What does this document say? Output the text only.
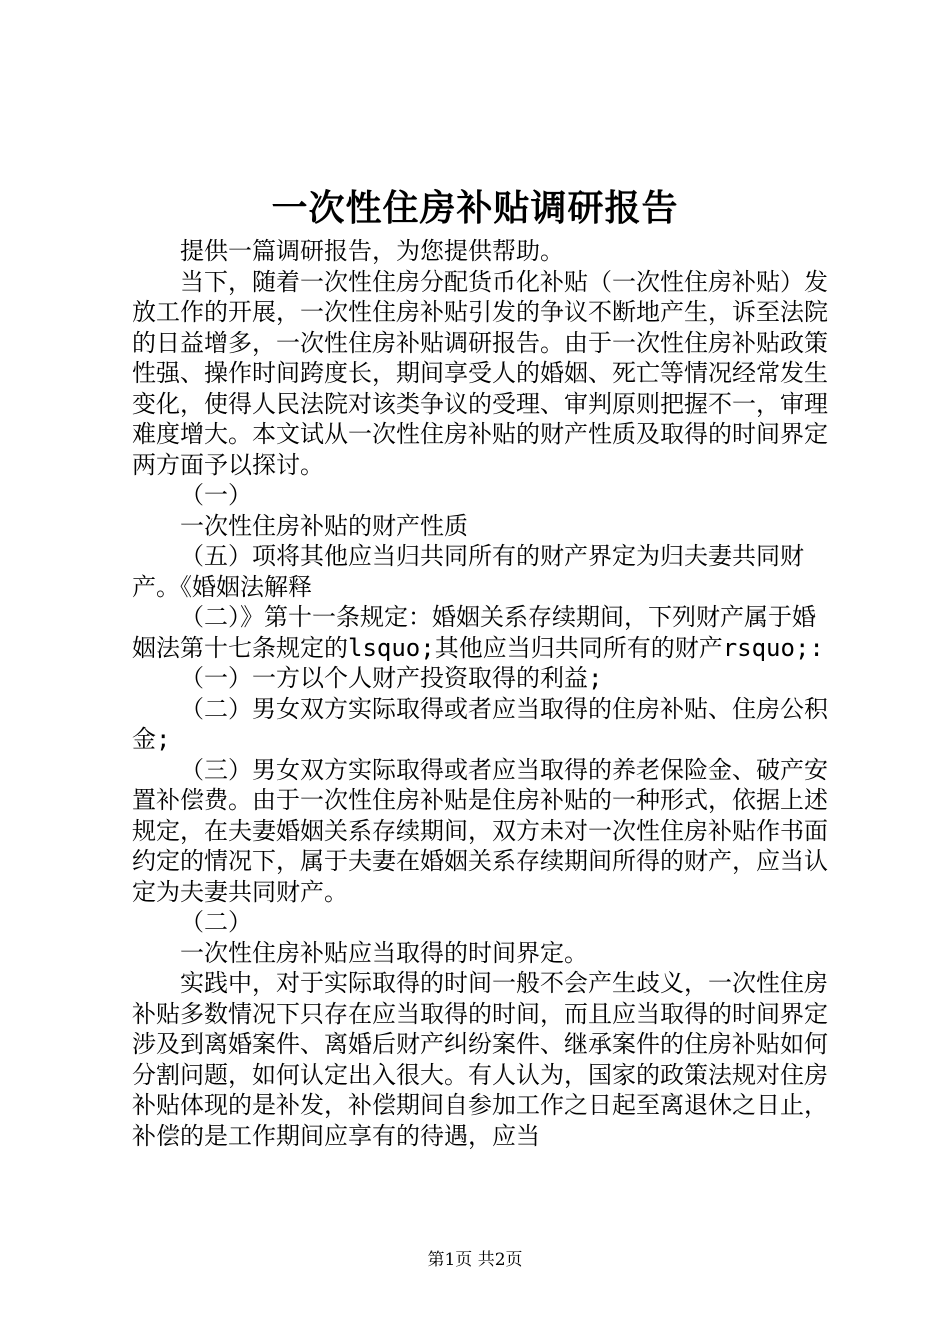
一次性住房补贴调研报告

提供一篇调研报告，为您提供帮助。

当下，随着一次性住房分配货币化补贴（一次性住房补贴）发放工作的开展，一次性住房补贴引发的争议不断地产生，诉至法院的日益增多，一次性住房补贴调研报告。由于一次性住房补贴政策性强、操作时间跨度长，期间享受人的婚姻、死亡等情况经常发生变化，使得人民法院对该类争议的受理、审判原则把握不一，审理难度增大。本文试从一次性住房补贴的财产性质及取得的时间界定两方面予以探讨。

（一）

一次性住房补贴的财产性质

（五）项将其他应当归共同所有的财产界定为归夫妻共同财产。《婚姻法解释

（二）》第十一条规定：婚姻关系存续期间，下列财产属于婚姻法第十七条规定的lsquo;其他应当归共同所有的财产rsquo;:

（一）一方以个人财产投资取得的利益;

（二）男女双方实际取得或者应当取得的住房补贴、住房公积金;

（三）男女双方实际取得或者应当取得的养老保险金、破产安置补偿费。由于一次性住房补贴是住房补贴的一种形式，依据上述规定，在夫妻婚姻关系存续期间，双方未对一次性住房补贴作书面约定的情况下，属于夫妻在婚姻关系存续期间所得的财产，应当认定为夫妻共同财产。

（二）

一次性住房补贴应当取得的时间界定。

实践中，对于实际取得的时间一般不会产生歧义，一次性住房补贴多数情况下只存在应当取得的时间，而且应当取得的时间界定涉及到离婚案件、离婚后财产纠纷案件、继承案件的住房补贴如何分割问题，如何认定出入很大。有人认为，国家的政策法规对住房补贴体现的是补发，补偿期间自参加工作之日起至离退休之日止，补偿的是工作期间应享有的待遇，应当

第1页 共2页
